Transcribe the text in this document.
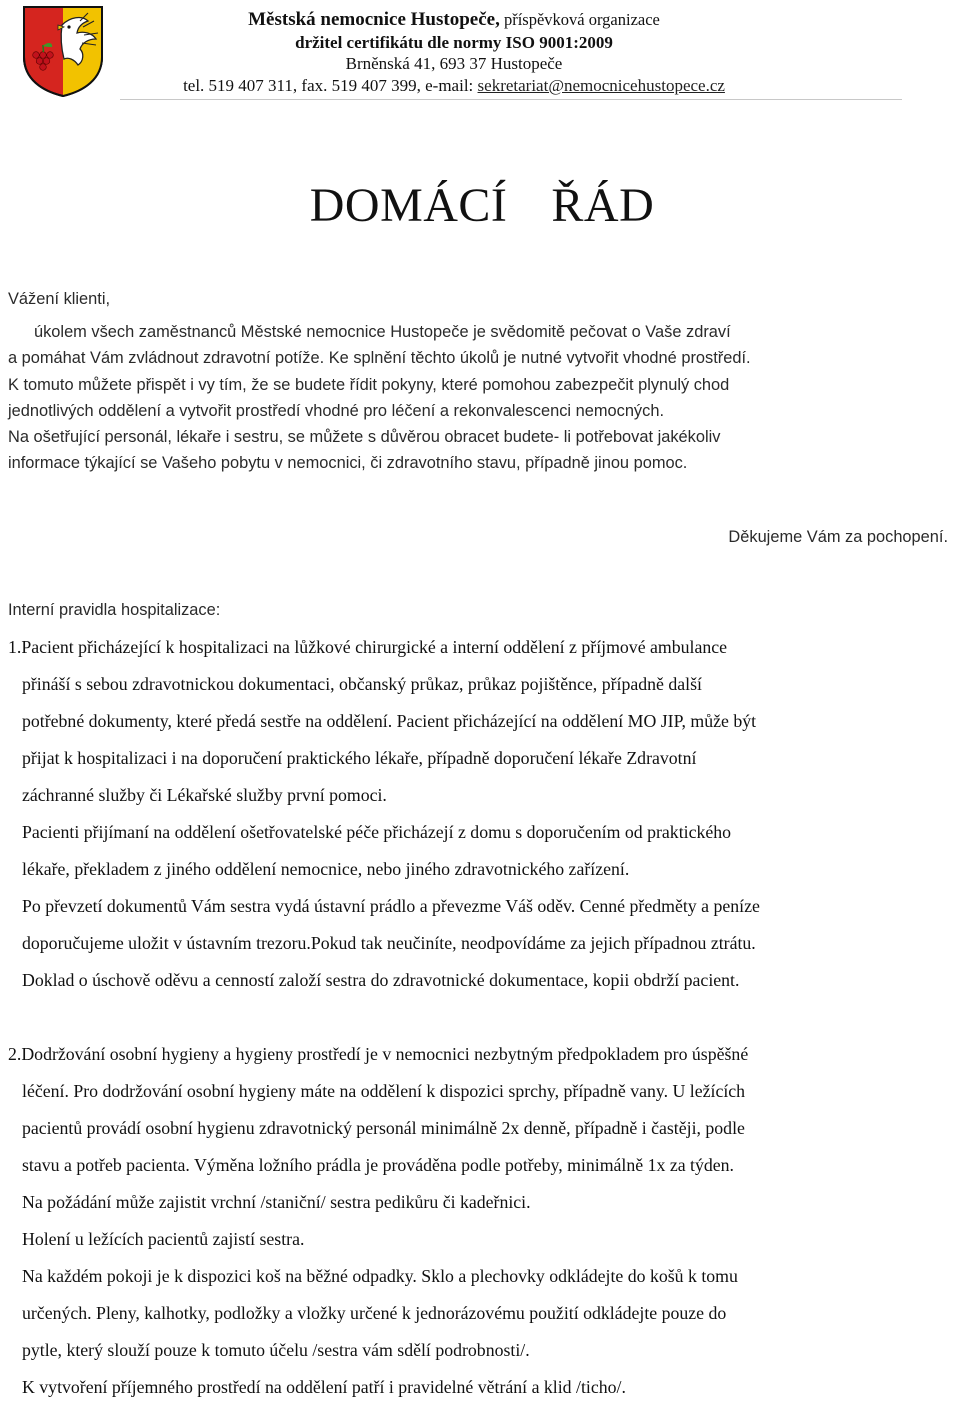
Městská nemocnice Hustopeče, příspěvková organizace
držitel certifikátu dle normy ISO 9001:2009
Brněnská 41, 693 37 Hustopeče
tel. 519 407 311, fax. 519 407 399, e-mail: sekretariat@nemocnicehustopece.cz
DOMÁCÍ ŘÁD
Vážení klienti,
úkolem všech zaměstnanců Městské nemocnice Hustopeče je svědomitě pečovat o Vaše zdraví
a pomáhat Vám zvládnout zdravotní potíže. Ke splnění těchto úkolů je nutné vytvořit vhodné prostředí.
K tomuto můžete přispět i vy tím, že se budete řídit pokyny, které pomohou zabezpečit plynulý chod
jednotlivých oddělení a vytvořit prostředí vhodné pro léčení a rekonvalescenci nemocných.
Na ošetřující personál, lékaře i sestru, se můžete s důvěrou obracet budete- li potřebovat jakékoliv
informace týkající se Vašeho pobytu v nemocnici, či zdravotního stavu, případně jinou pomoc.
Děkujeme Vám za pochopení.
Interní pravidla hospitalizace:
1.Pacient přicházející k hospitalizaci na lůžkové chirurgické a interní oddělení z příjmové ambulance
přináší s sebou zdravotnickou dokumentaci, občanský průkaz, průkaz pojištěnce, případně další
potřebné dokumenty, které předá sestře na oddělení. Pacient přicházející na oddělení MO JIP, může být
přijat k hospitalizaci i na doporučení praktického lékaře, případně doporučení lékaře Zdravotní
záchranné služby či Lékařské služby první pomoci.
Pacienti přijímaní na oddělení ošetřovatelské péče přicházejí z domu s doporučením od praktického
lékaře, překladem z jiného oddělení nemocnice, nebo jiného zdravotnického zařízení.
Po převzetí dokumentů Vám sestra vydá ústavní prádlo a převezme Váš oděv. Cenné předměty a peníze
doporučujeme uložit v ústavním trezoru.Pokud tak neučiníte, neodpovídáme za jejich případnou ztrátu.
Doklad o úschově oděvu a cenností založí sestra do zdravotnické dokumentace, kopii obdrží pacient.
2.Dodržování osobní hygieny a hygieny prostředí je v nemocnici nezbytným předpokladem pro úspěšné
léčení. Pro dodržování osobní hygieny máte na oddělení k dispozici sprchy, případně vany. U ležících
pacientů provádí osobní hygienu zdravotnický personál minimálně 2x denně, případně i častěji, podle
stavu a potřeb pacienta. Výměna ložního prádla je prováděna podle potřeby, minimálně 1x za týden.
Na požádání může zajistit vrchní /staniční/ sestra pedikůru či kadeřnici.
Holení u ležících pacientů zajistí sestra.
Na každém pokoji je k dispozici koš na běžné odpadky. Sklo a plechovky odkládejte do košů k tomu
určených. Pleny, kalhotky, podložky a vložky určené k jednorázovému použití odkládejte pouze do
pytle, který slouží pouze k tomuto účelu /sestra vám sdělí podrobnosti/.
K vytvoření příjemného prostředí na oddělení patří i pravidelné větrání a klid /ticho/.
